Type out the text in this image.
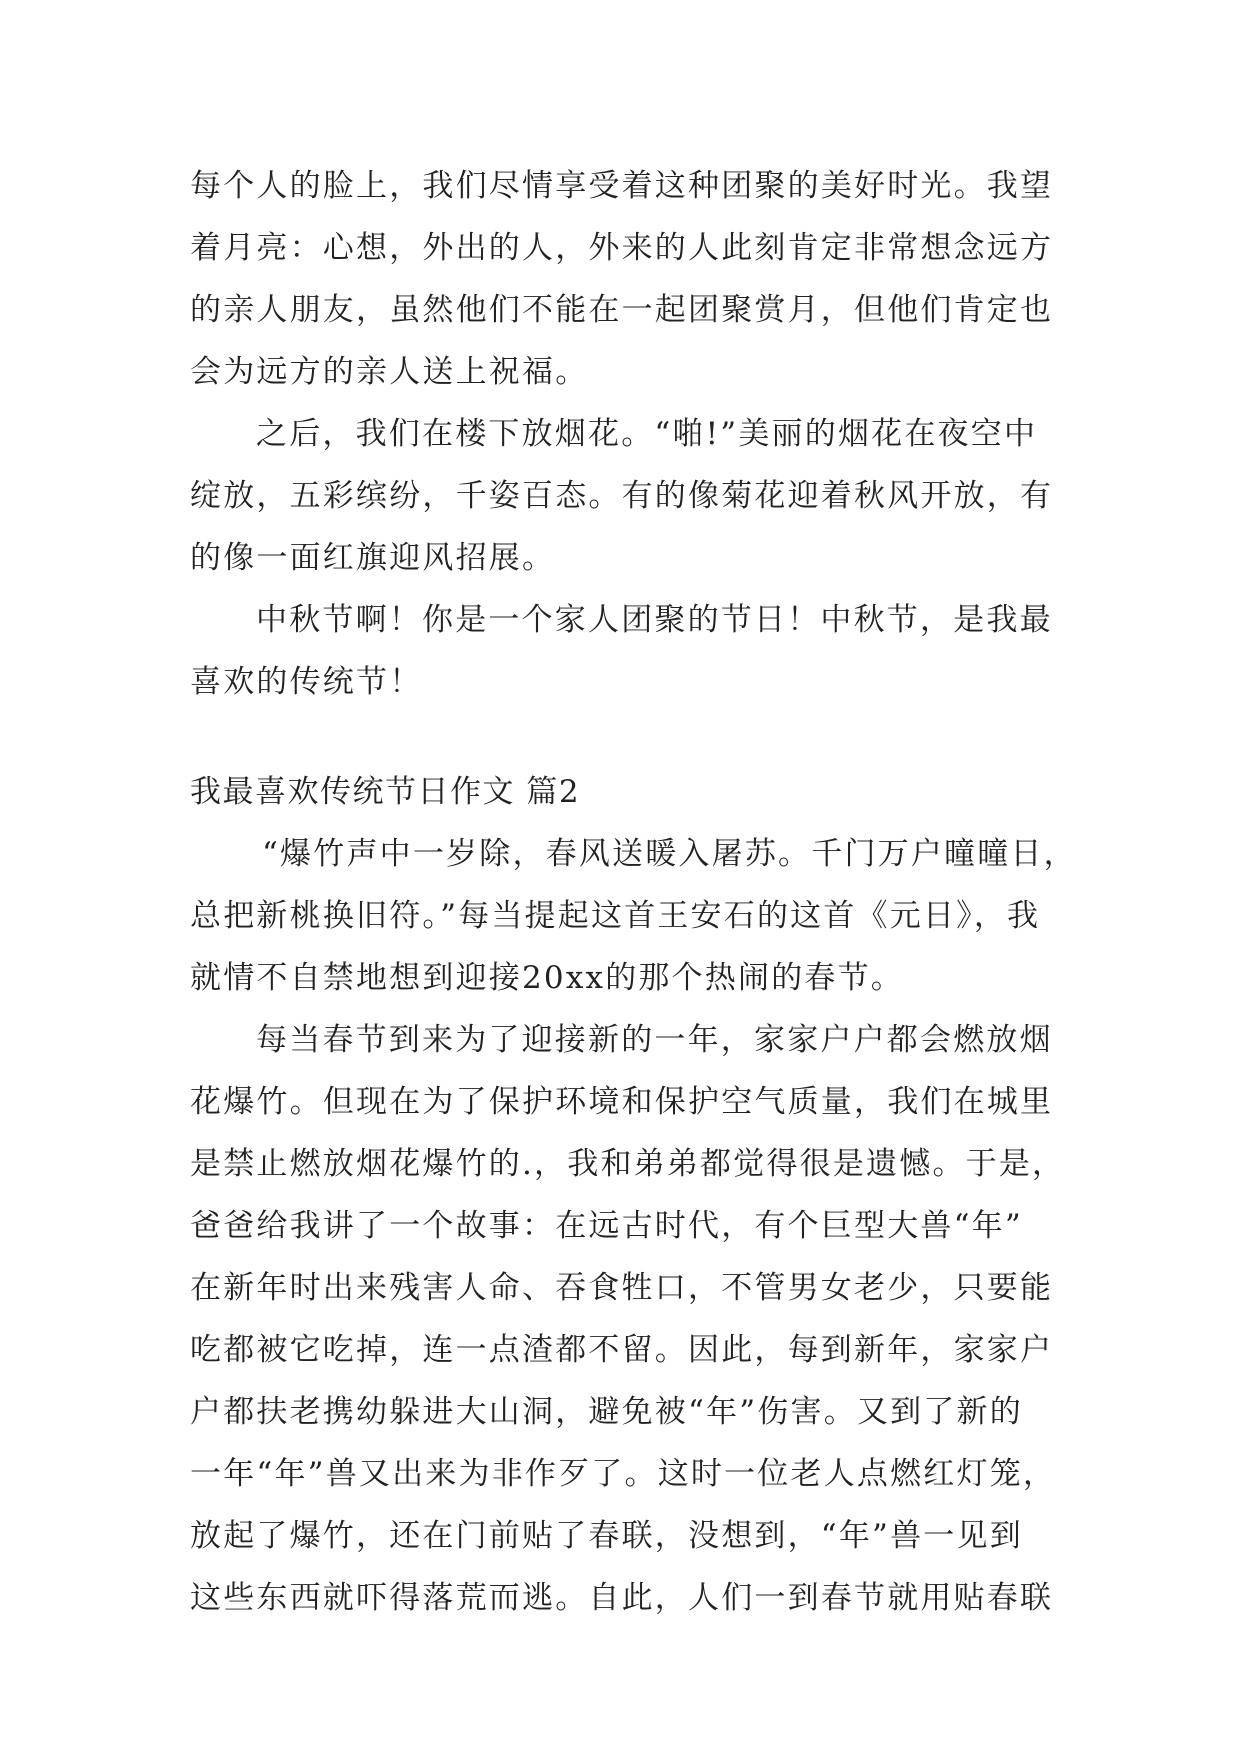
每个人的脸上，我们尽情享受着这种团聚的美好时光。我望
着月亮：心想，外出的人，外来的人此刻肯定非常想念远方
的亲人朋友，虽然他们不能在一起团聚赏月，但他们肯定也
会为远方的亲人送上祝福。
之后，我们在楼下放烟花。“啪!”美丽的烟花在夜空中
绽放，五彩缤纷，千姿百态。有的像菊花迎着秋风开放，有
的像一面红旗迎风招展。
中秋节啊！你是一个家人团聚的节日！中秋节，是我最
喜欢的传统节！
我最喜欢传统节日作文 篇2
“爆竹声中一岁除，春风送暖入屠苏。千门万户曈曈日，
总把新桃换旧符。”每当提起这首王安石的这首《元日》，我
就情不自禁地想到迎接20xx的那个热闹的春节。
每当春节到来为了迎接新的一年，家家户户都会燃放烟
花爆竹。但现在为了保护环境和保护空气质量，我们在城里
是禁止燃放烟花爆竹的.，我和弟弟都觉得很是遗憾。于是，
爸爸给我讲了一个故事：在远古时代，有个巨型大兽“年”
在新年时出来残害人命、吞食牲口，不管男女老少，只要能
吃都被它吃掉，连一点渣都不留。因此，每到新年，家家户
户都扶老携幼躲进大山洞，避免被“年”伤害。又到了新的
一年“年”兽又出来为非作歹了。这时一位老人点燃红灯笼，
放起了爆竹，还在门前贴了春联，没想到，“年”兽一见到
这些东西就吓得落荒而逃。自此，人们一到春节就用贴春联
